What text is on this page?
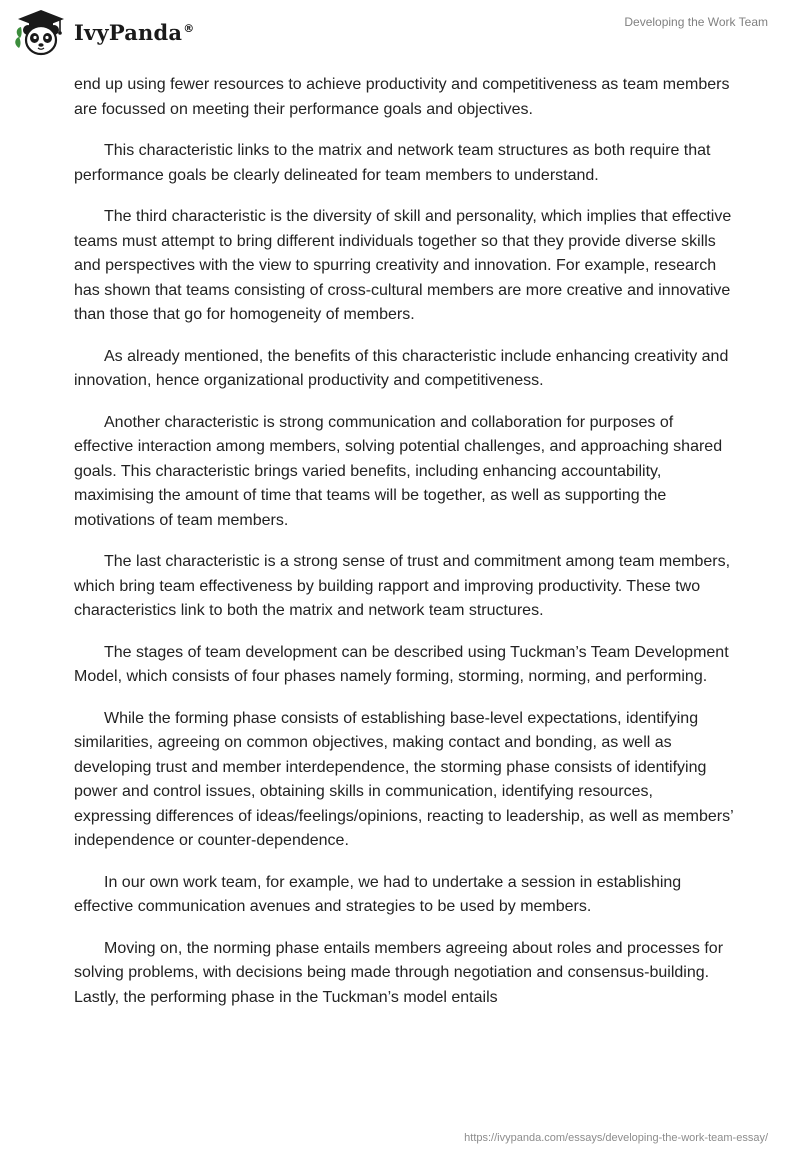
IvyPanda®	Developing the Work Team

end up using fewer resources to achieve productivity and competitiveness as team members are focussed on meeting their performance goals and objectives.

This characteristic links to the matrix and network team structures as both require that performance goals be clearly delineated for team members to understand.

The third characteristic is the diversity of skill and personality, which implies that effective teams must attempt to bring different individuals together so that they provide diverse skills and perspectives with the view to spurring creativity and innovation. For example, research has shown that teams consisting of cross-cultural members are more creative and innovative than those that go for homogeneity of members.

As already mentioned, the benefits of this characteristic include enhancing creativity and innovation, hence organizational productivity and competitiveness.

Another characteristic is strong communication and collaboration for purposes of effective interaction among members, solving potential challenges, and approaching shared goals. This characteristic brings varied benefits, including enhancing accountability, maximising the amount of time that teams will be together, as well as supporting the motivations of team members.

The last characteristic is a strong sense of trust and commitment among team members, which bring team effectiveness by building rapport and improving productivity. These two characteristics link to both the matrix and network team structures.

The stages of team development can be described using Tuckman’s Team Development Model, which consists of four phases namely forming, storming, norming, and performing.

While the forming phase consists of establishing base-level expectations, identifying similarities, agreeing on common objectives, making contact and bonding, as well as developing trust and member interdependence, the storming phase consists of identifying power and control issues, obtaining skills in communication, identifying resources, expressing differences of ideas/feelings/opinions, reacting to leadership, as well as members’ independence or counter-dependence.

In our own work team, for example, we had to undertake a session in establishing effective communication avenues and strategies to be used by members.

Moving on, the norming phase entails members agreeing about roles and processes for solving problems, with decisions being made through negotiation and consensus-building. Lastly, the performing phase in the Tuckman’s model entails

https://ivypanda.com/essays/developing-the-work-team-essay/
